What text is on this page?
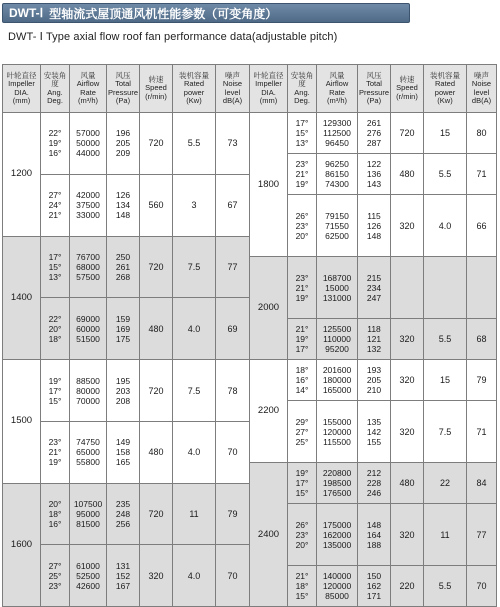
DWT-Ⅰ 型轴流式屋顶通风机性能参数（可变角度）
DWT- Ⅰ Type axial flow roof fan performance data(adjustable pitch)
叶轮直径
Impeller
DIA.
(mm)	安装角度
Ang.
Deg.	风量
Airflow
Rate
(m³/h)	风压
Total
Pressure
(Pa)	转速
Speed
(r/min)	装机容量
Rated
power
(Kw)	噪声
Noise
level
dB(A)	叶轮直径
Impeller
DIA.
(mm)	安装角度
Ang.
Deg.	风量
Airflow
Rate
(m³/h)	风压
Total
Pressure
(Pa)	转速
Speed
(r/min)	装机容量
Rated
power
(Kw)	噪声
Noise
level
dB(A)

1200	22°
19°
16°	57000
50000
44000	196
205
209	720	5.5	73	1800	17°
15°
13°	129300
112500
96450	261
276
287	720	15	80

								23°
21°
19°	96250
86150
74300	122
136
143	480	5.5	71

	27°
24°
21°	42000
37500
33000	126
134
148	560	3	67							

								26°
23°
20°	79150
71550
62500	115
126
148	320	4.0	66

1400	17°
15°
13°	76700
68000
57500	250
261
268	720	7.5	77							
							2000	23°
21°
19°	168700
15000
131000	215
234
247			

	22°
20°
18°	69000
60000
51500	159
169
175	480	4.0	69							

								21°
19°
17°	125500
110000
95200	118
121
132	320	5.5	68

1500	19°
17°
15°	88500
80000
70000	195
203
208	720	7.5	78	2200	18°
16°
14°	201600
180000
165000	193
205
210	320	15	79

								29°
27°
25°	155000
120000
115500	135
142
155	320	7.5	71

	23°
21°
19°	74750
65000
55800	149
158
165	480	4.0	70							

							2400	19°
17°
15°	220800
198500
176500	212
228
246	480	22	84
1600	20°
18°
16°	107500
95000
81500	235
248
256	720	11	79							

								26°
23°
20°	175000
162000
135000	148
164
188	320	11	77

	27°
25°
23°	61000
52500
42600	131
152
167	320	4.0	70							

								21°
18°
15°	140000
120000
85000	150
162
171	220	5.5	70
